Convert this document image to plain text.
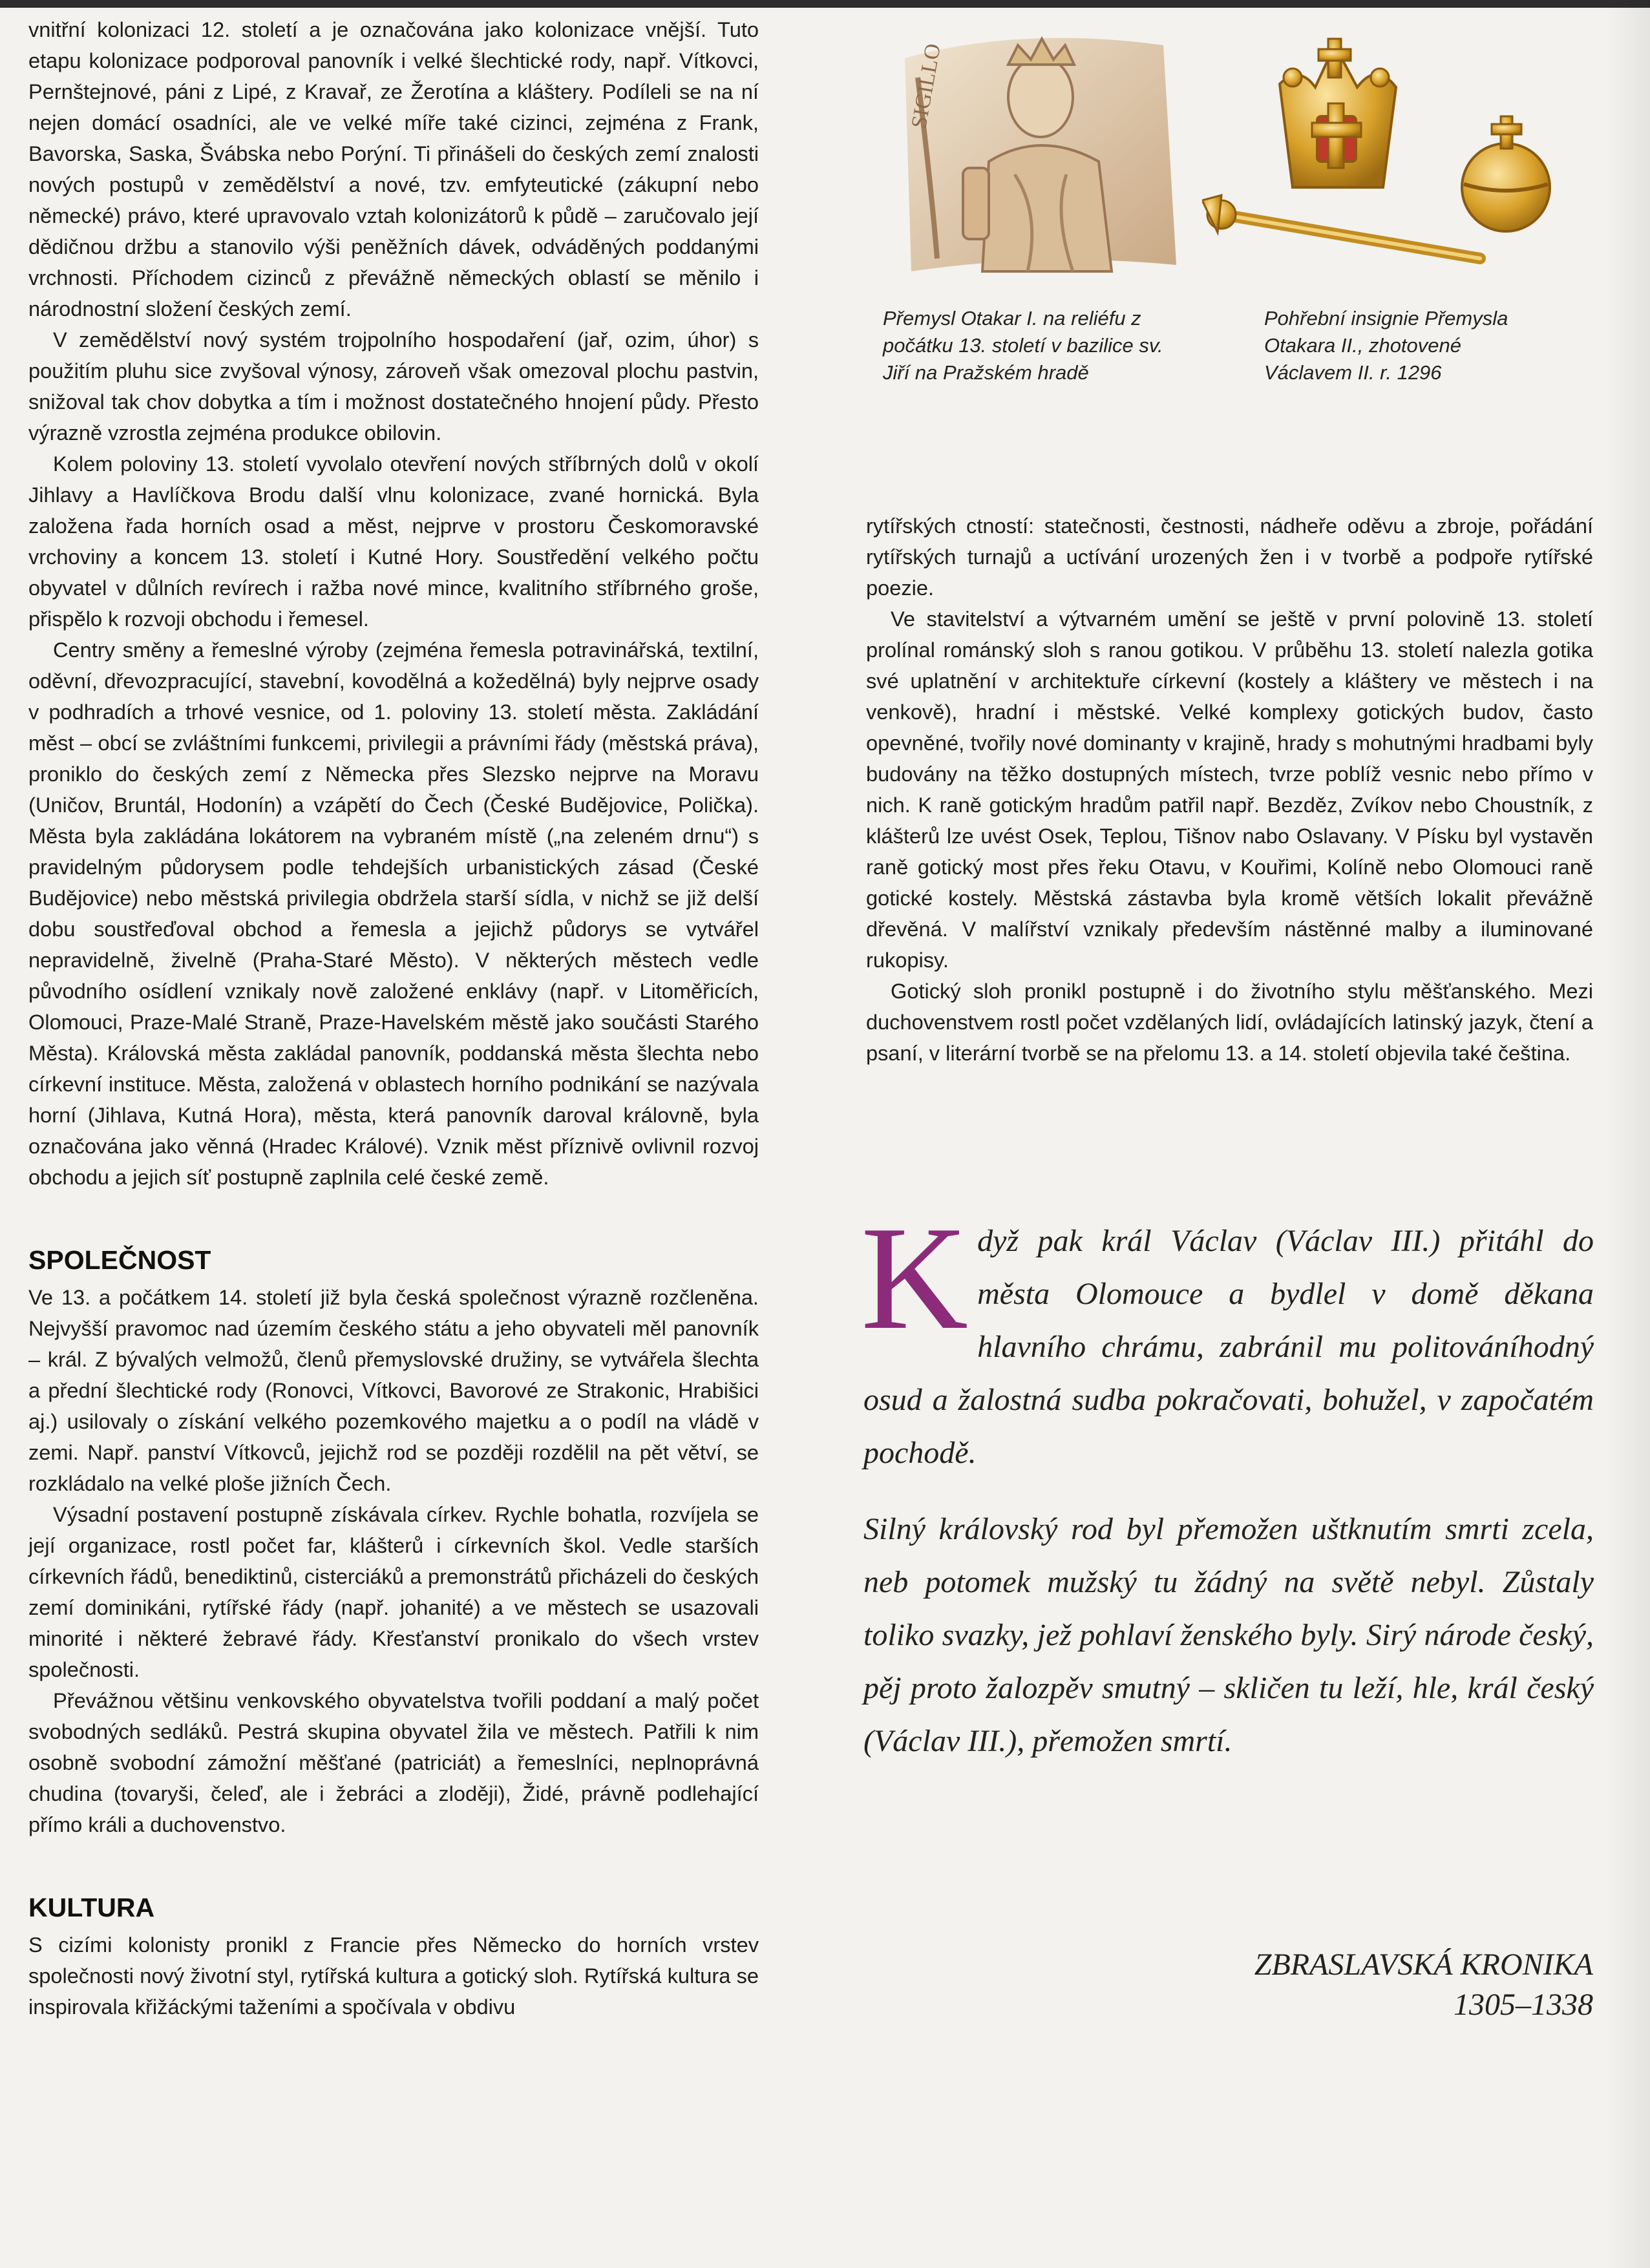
vnitřní kolonizaci 12. století a je označována jako kolonizace vnější. Tuto etapu kolonizace podporoval panovník i velké šlechtické rody, např. Vítkovci, Pernštejnové, páni z Lipé, z Kravař, ze Žerotína a kláštery. Podíleli se na ní nejen domácí osadníci, ale ve velké míře také cizinci, zejména z Frank, Bavorska, Saska, Švábska nebo Porýní. Ti přinášeli do českých zemí znalosti nových postupů v zemědělství a nové, tzv. emfyteutické (zákupní nebo německé) právo, které upravovalo vztah kolonizátorů k půdě – zaručovalo její dědičnou držbu a stanovilo výši peněžních dávek, odváděných poddanými vrchnosti. Příchodem cizinců z převážně německých oblastí se měnilo i národnostní složení českých zemí.

V zemědělství nový systém trojpolního hospodaření (jař, ozim, úhor) s použitím pluhu sice zvyšoval výnosy, zároveň však omezoval plochu pastvin, snižoval tak chov dobytka a tím i možnost dostatečného hnojení půdy. Přesto výrazně vzrostla zejména produkce obilovin.

Kolem poloviny 13. století vyvolalo otevření nových stříbrných dolů v okolí Jihlavy a Havlíčkova Brodu další vlnu kolonizace, zvané hornická. Byla založena řada horních osad a měst, nejprve v prostoru Českomoravské vrchoviny a koncem 13. století i Kutné Hory. Soustředění velkého počtu obyvatel v důlních revírech i ražba nové mince, kvalitního stříbrného groše, přispělo k rozvoji obchodu i řemesel.

Centry směny a řemeslné výroby (zejména řemesla potravinářská, textilní, oděvní, dřevozpracující, stavební, kovodělná a kožedělná) byly nejprve osady v podhradích a trhové vesnice, od 1. poloviny 13. století města. Zakládání měst – obcí se zvláštními funkcemi, privilegii a právními řády (městská práva), proniklo do českých zemí z Německa přes Slezsko nejprve na Moravu (Uničov, Bruntál, Hodonín) a vzápětí do Čech (České Budějovice, Polička). Města byla zakládána lokátorem na vybraném místě („na zeleném drnu“) s pravidelným půdorysem podle tehdejších urbanistických zásad (České Budějovice) nebo městská privilegia obdržela starší sídla, v nichž se již delší dobu soustřeďoval obchod a řemesla a jejichž půdorys se vytvářel nepravidelně, živelně (Praha-Staré Město). V některých městech vedle původního osídlení vznikaly nově založené enklávy (např. v Litoměřicích, Olomouci, Praze-Malé Straně, Praze-Havelském městě jako součásti Starého Města). Královská města zakládal panovník, poddanská města šlechta nebo církevní instituce. Města, založená v oblastech horního podnikání se nazývala horní (Jihlava, Kutná Hora), města, která panovník daroval královně, byla označována jako věnná (Hradec Králové). Vznik měst příznivě ovlivnil rozvoj obchodu a jejich síť postupně zaplnila celé české země.

SPOLEČNOST

Ve 13. a počátkem 14. století již byla česká společnost výrazně rozčleněna. Nejvyšší pravomoc nad územím českého státu a jeho obyvateli měl panovník – král. Z bývalých velmožů, členů přemyslovské družiny, se vytvářela šlechta a přední šlechtické rody (Ronovci, Vítkovci, Bavorové ze Strakonic, Hrabišici aj.) usilovaly o získání velkého pozemkového majetku a o podíl na vládě v zemi. Např. panství Vítkovců, jejichž rod se později rozdělil na pět větví, se rozkládalo na velké ploše jižních Čech.

Výsadní postavení postupně získávala církev. Rychle bohatla, rozvíjela se její organizace, rostl počet far, klášterů i církevních škol. Vedle starších církevních řádů, benediktinů, cisterciáků a premonstrátů přicházeli do českých zemí dominikáni, rytířské řády (např. johanité) a ve městech se usazovali minorité i některé žebravé řády. Křesťanství pronikalo do všech vrstev společnosti.

Převážnou většinu venkovského obyvatelstva tvořili poddaní a malý počet svobodných sedláků. Pestrá skupina obyvatel žila ve městech. Patřili k nim osobně svobodní zámožní měšťané (patriciát) a řemeslníci, neplnoprávná chudina (tovaryši, čeleď, ale i žebráci a zloději), Židé, právně podlehající přímo králi a duchovenstvo.

KULTURA

S cizími kolonisty pronikl z Francie přes Německo do horních vrstev společnosti nový životní styl, rytířská kultura a gotický sloh. Rytířská kultura se inspirovala křižáckými taženími a spočívala v obdivu

SIGILLO
Přemysl Otakar I. na reliéfu z počátku 13. století v bazilice sv. Jiří na Pražském hradě
Pohřební insignie Přemysla Otakara II., zhotovené Václavem II. r. 1296

rytířských ctností: statečnosti, čestnosti, nádheře oděvu a zbroje, pořádání rytířských turnajů a uctívání urozených žen i v tvorbě a podpoře rytířské poezie.

Ve stavitelství a výtvarném umění se ještě v první polovině 13. století prolínal románský sloh s ranou gotikou. V průběhu 13. století nalezla gotika své uplatnění v architektuře církevní (kostely a kláštery ve městech i na venkově), hradní i městské. Velké komplexy gotických budov, často opevněné, tvořily nové dominanty v krajině, hrady s mohutnými hradbami byly budovány na těžko dostupných místech, tvrze poblíž vesnic nebo přímo v nich. K raně gotickým hradům patřil např. Bezděz, Zvíkov nebo Choustník, z klášterů lze uvést Osek, Teplou, Tišnov nabo Oslavany. V Písku byl vystavěn raně gotický most přes řeku Otavu, v Kouřimi, Kolíně nebo Olomouci raně gotické kostely. Městská zástavba byla kromě větších lokalit převážně dřevěná. V malířství vznikaly především nástěnné malby a iluminované rukopisy.

Gotický sloh pronikl postupně i do životního stylu měšťanského. Mezi duchovenstvem rostl počet vzdělaných lidí, ovládajících latinský jazyk, čtení a psaní, v literární tvorbě se na přelomu 13. a 14. století objevila také čeština.

K dyž pak král Václav (Václav III.) přitáhl do města Olomouce a bydlel v domě děkana hlavního chrámu, zabránil mu politováníhodný osud a žalostná sudba pokračovati, bohužel, v započatém pochodě.

Silný královský rod byl přemožen uštknutím smrti zcela, neb potomek mužský tu žádný na světě nebyl. Zůstaly toliko svazky, jež pohlaví ženského byly. Sirý národe český, pěj proto žalozpěv smutný – skličen tu leží, hle, král český (Václav III.), přemožen smrtí.

ZBRASLAVSKÁ KRONIKA
1305–1338
